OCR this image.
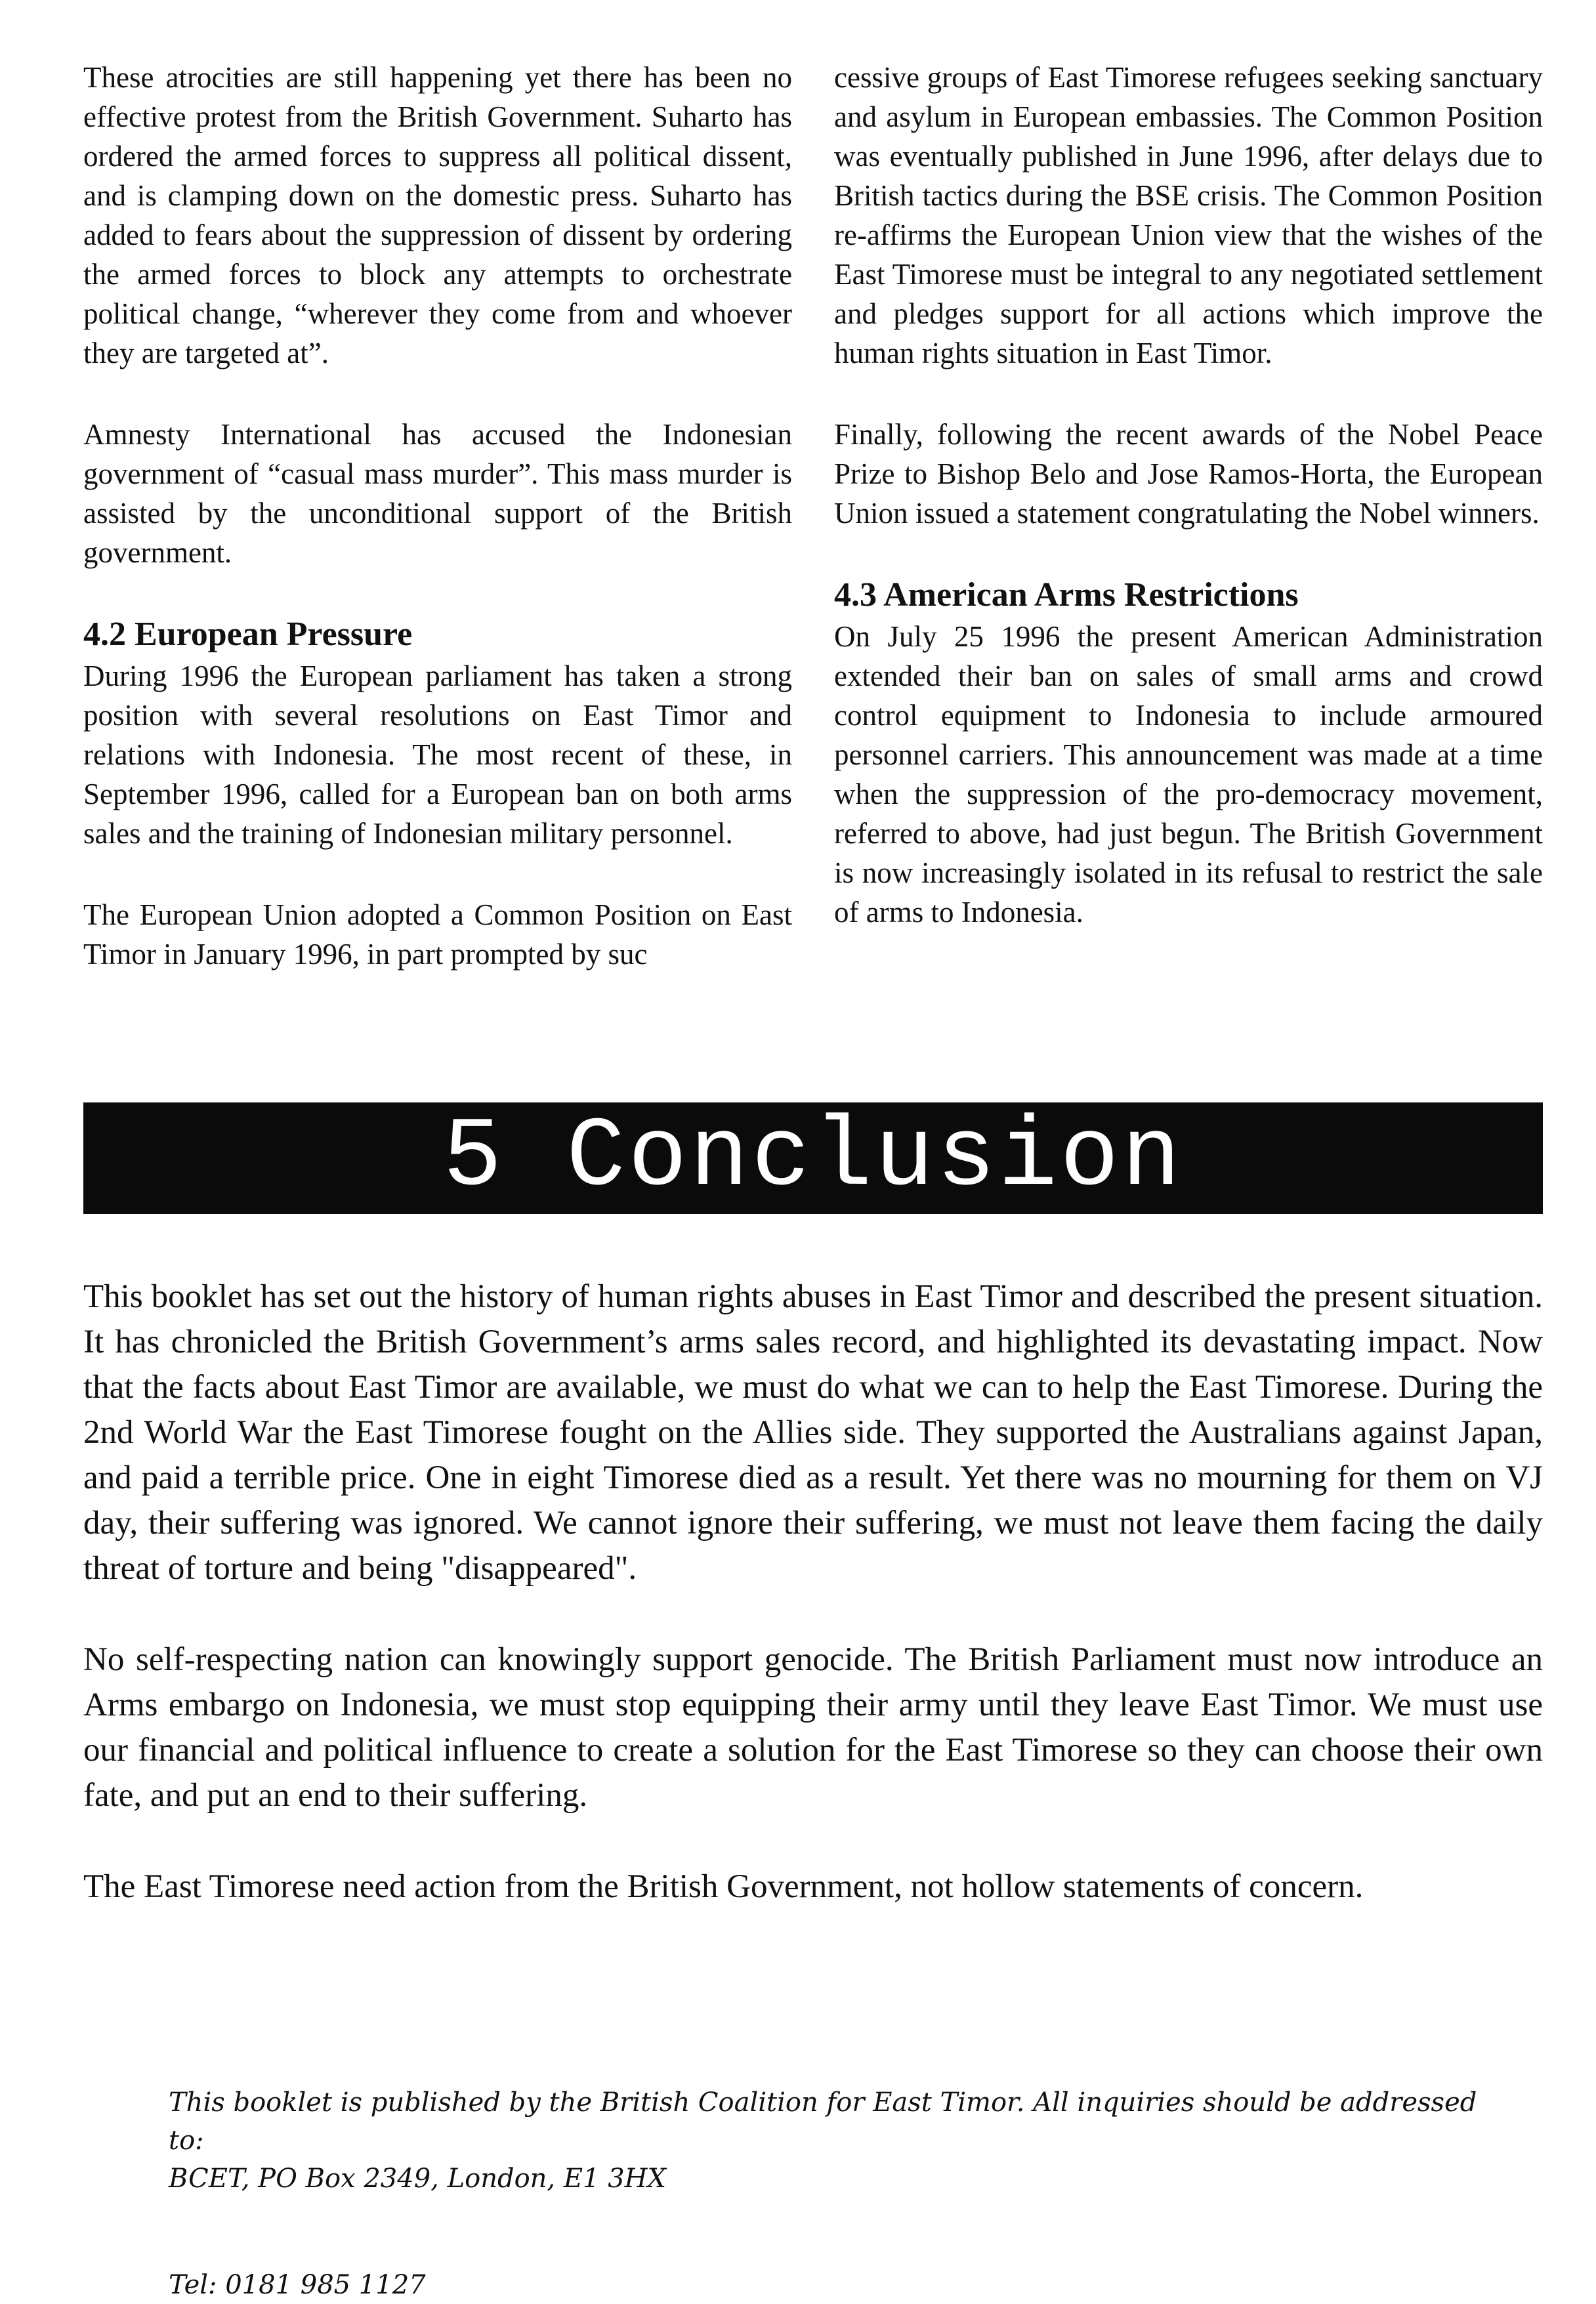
These atrocities are still happening yet there has been no effective protest from the British Government. Suharto has ordered the armed forces to suppress all political dissent, and is clamping down on the domestic press. Suharto has added to fears about the suppression of dissent by ordering the armed forces to block any attempts to orchestrate political change, “wherever they come from and whoever they are targeted at”.

Amnesty International has accused the Indonesian government of “casual mass murder”. This mass murder is assisted by the unconditional support of the British government.

4.2 European Pressure

During 1996 the European parliament has taken a strong position with several resolutions on East Timor and relations with Indonesia. The most recent of these, in September 1996, called for a European ban on both arms sales and the training of Indonesian military personnel.

The European Union adopted a Common Position on East Timor in January 1996, in part prompted by suc

cessive groups of East Timorese refugees seeking sanctuary and asylum in European embassies. The Common Position was eventually published in June 1996, after delays due to British tactics during the BSE crisis. The Common Position re-affirms the European Union view that the wishes of the East Timorese must be integral to any negotiated settlement and pledges support for all actions which improve the human rights situation in East Timor.

Finally, following the recent awards of the Nobel Peace Prize to Bishop Belo and Jose Ramos-Horta, the European Union issued a statement congratulating the Nobel winners.

4.3 American Arms Restrictions

On July 25 1996 the present American Administration extended their ban on sales of small arms and crowd control equipment to Indonesia to include armoured personnel carriers. This announcement was made at a time when the suppression of the pro-democracy movement, referred to above, had just begun. The British Government is now increasingly isolated in its refusal to restrict the sale of arms to Indonesia.

5 Conclusion

This booklet has set out the history of human rights abuses in East Timor and described the present situation. It has chronicled the British Government’s arms sales record, and highlighted its devastating impact. Now that the facts about East Timor are available, we must do what we can to help the East Timorese. During the 2nd World War the East Timorese fought on the Allies side. They supported the Australians against Japan, and paid a terrible price. One in eight Timorese died as a result. Yet there was no mourning for them on VJ day, their suffering was ignored. We cannot ignore their suffering, we must not leave them facing the daily threat of torture and being "disappeared".

No self-respecting nation can knowingly support genocide. The British Parliament must now introduce an Arms embargo on Indonesia, we must stop equipping their army until they leave East Timor. We must use our financial and political influence to create a solution for the East Timorese so they can choose their own fate, and put an end to their suffering.

The East Timorese need action from the British Government, not hollow statements of concern.

This booklet is published by the British Coalition for East Timor. All inquiries should be addressed to:

BCET, PO Box 2349, London, E1 3HX

Tel: 0181 985 1127
